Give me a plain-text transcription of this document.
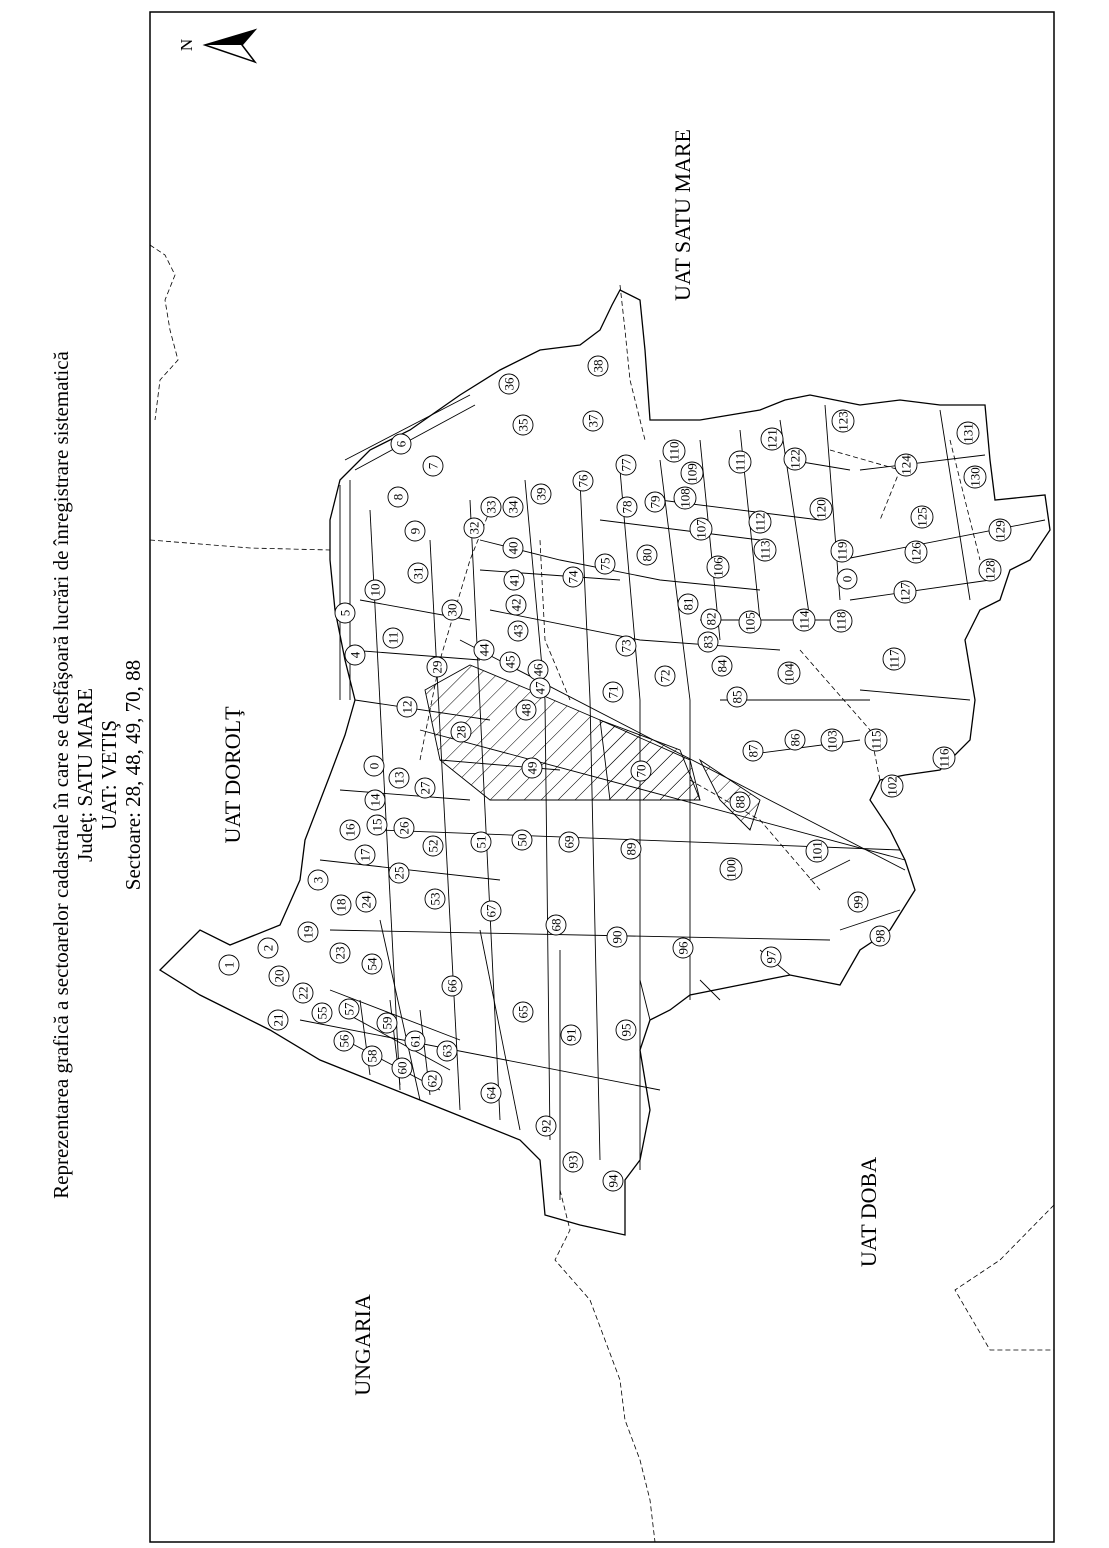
Reprezentarea grafică a sectoarelor cadastrale în care se desfăşoară lucrări de înregistrare sistematică Judeţ: SATU MARE UAT: VETIŞ Sectoare: 28, 48, 49, 70, 88
N
UAT SATU MARE
UAT DOROLŢ
UAT DOBA
UNGARIA
1
2
3
4
5
6
7
8
9
10
11
12
13
14
15
16
17
18
19
20
21
22
23
24
25
26
27
28
29
30
31
32
33 34
35
36
37
38
39
40
41
42
43
44
45
46
47
48
49
50
51
52
53
54
55
56
57
58
59
60
61
62
63
64
65
66
67
68
69
70
71
72
73
74
75
76
77
78 79
80
81
82
83
84
85
86
87
88
89
90
91
92
93
94
95
96
97
98
99
100
101
102
103
104
105
106
107
108
109
110
111
112
113
114
115
116
117
118
119
120
121
122
123
124
125
126
127
128
129
130
131
0
0
